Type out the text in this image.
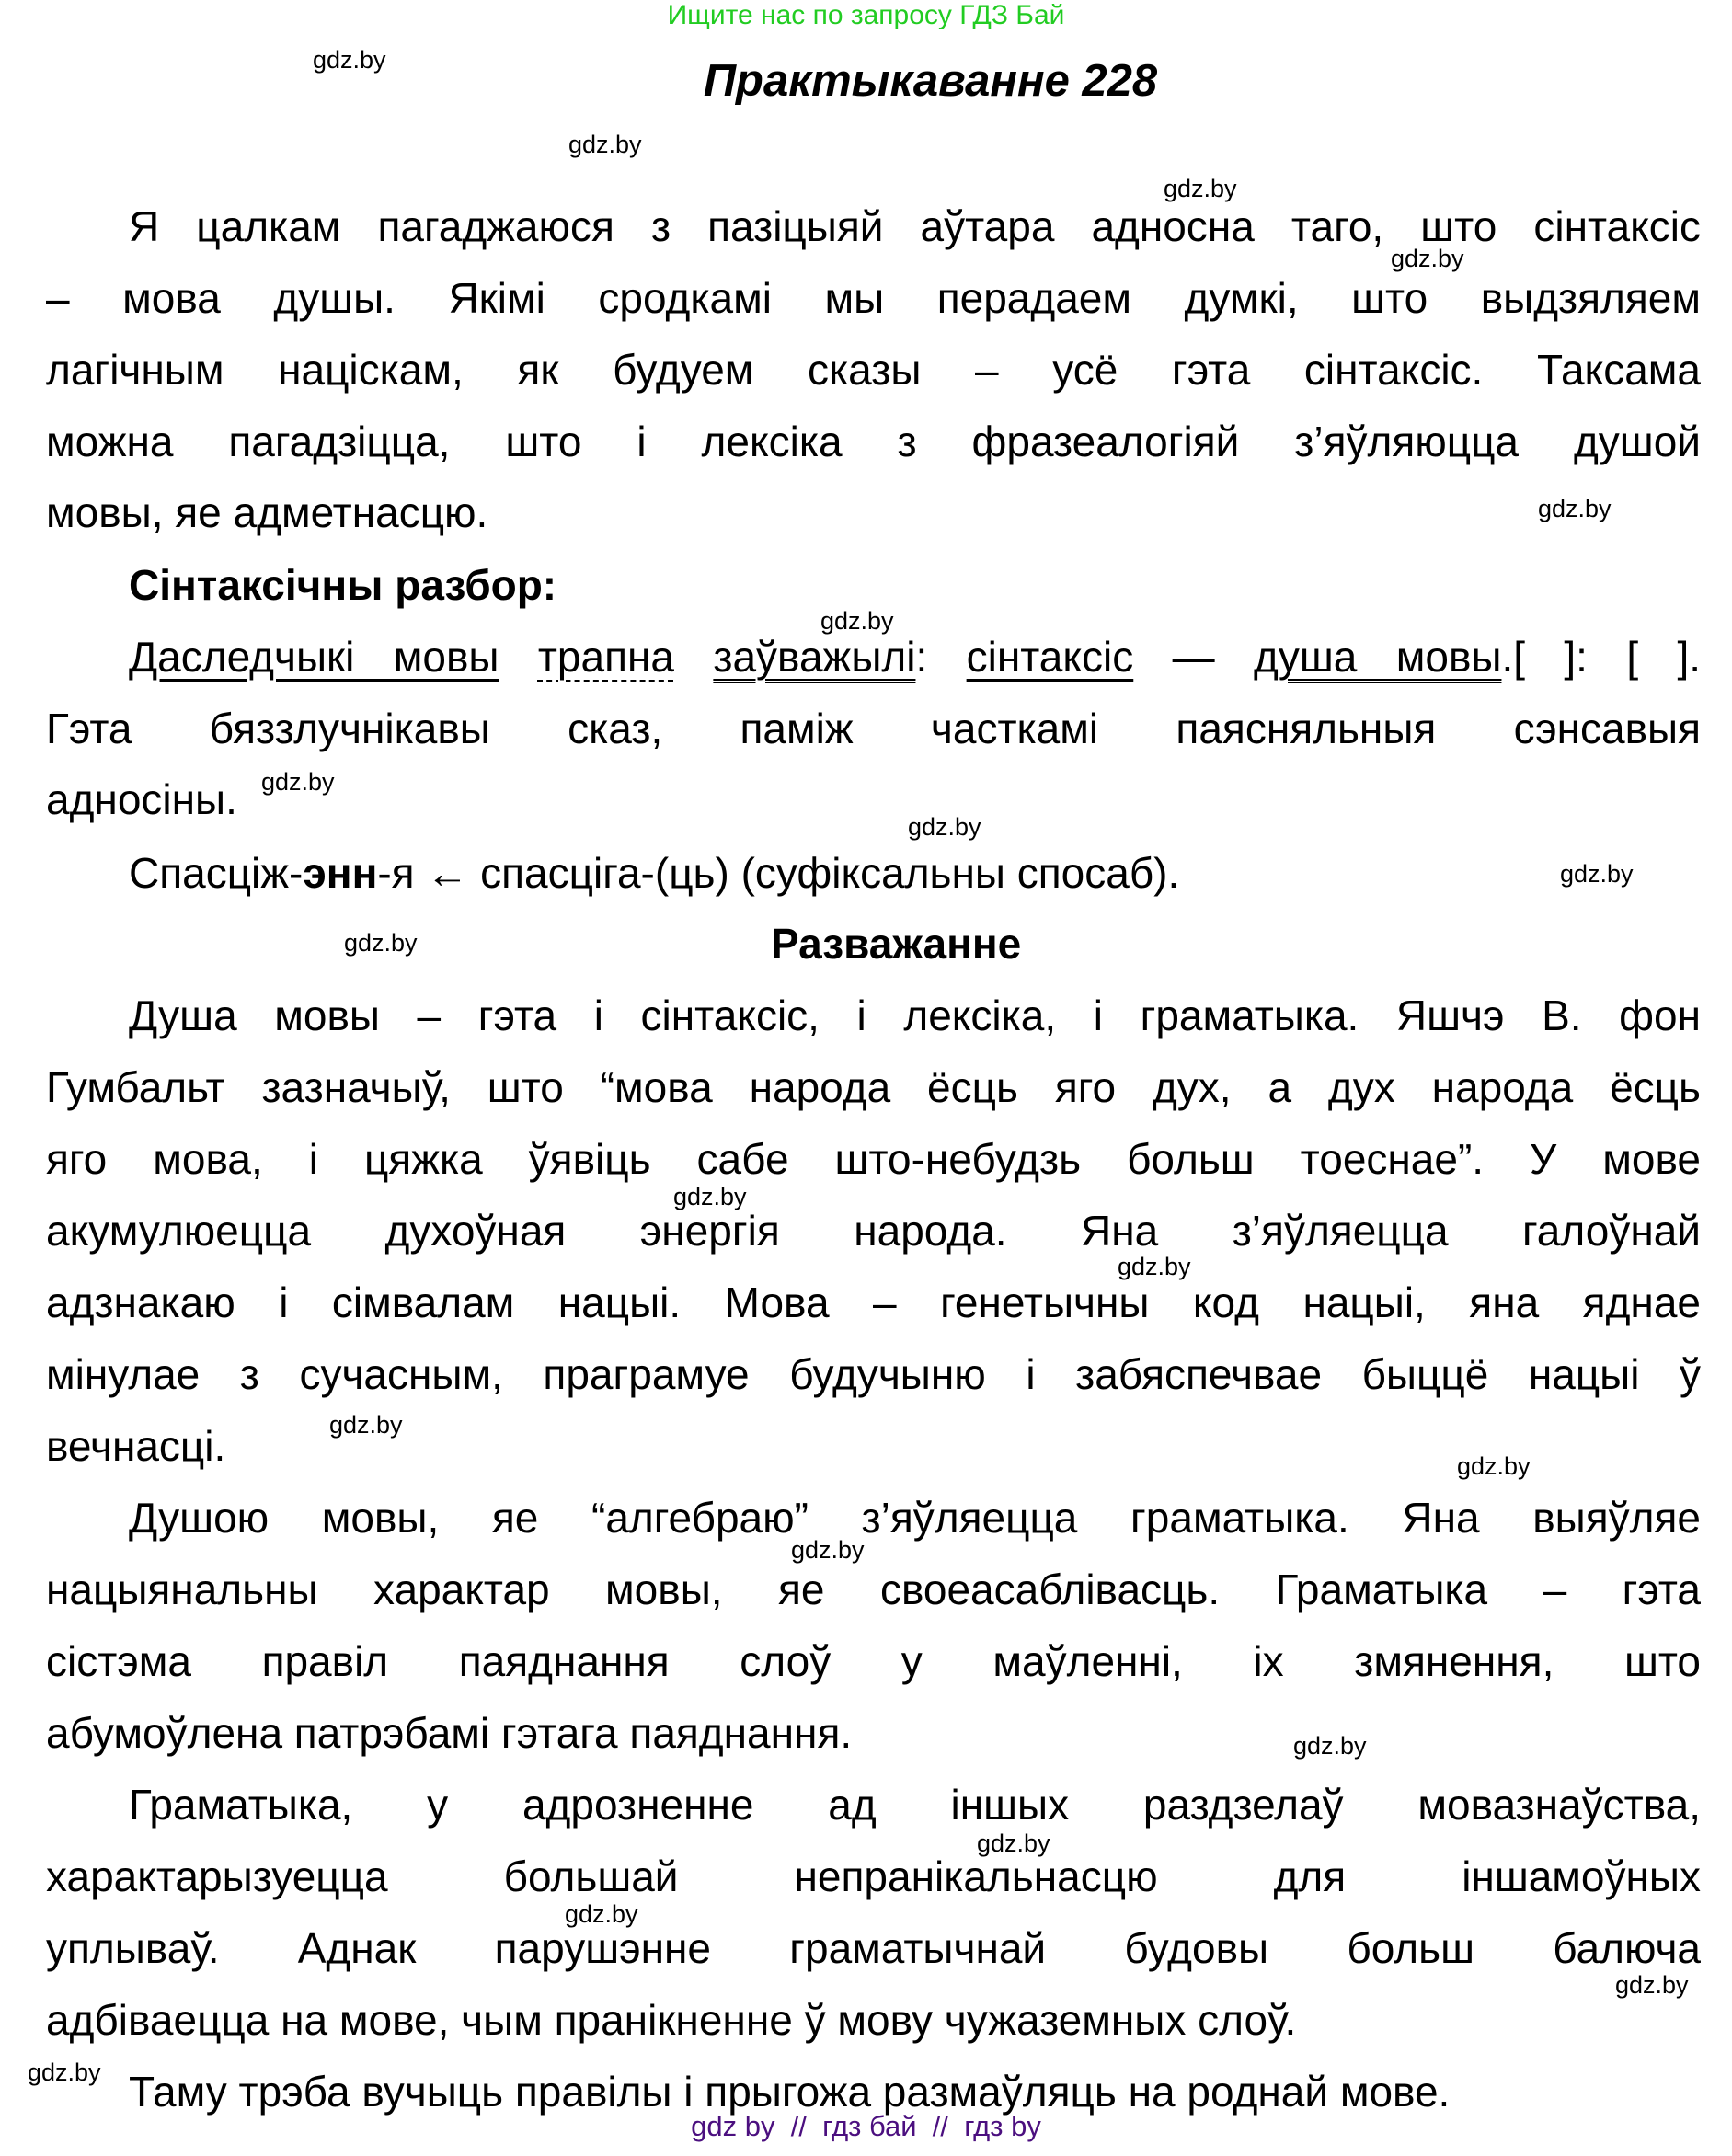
Ищите нас по запросу ГДЗ Бай
Практыкаванне 228
gdz.by
gdz.by
gdz.by
gdz.by
gdz.by
gdz.by
gdz.by
gdz.by
gdz.by
gdz.by
gdz.by
gdz.by
gdz.by
gdz.by
gdz.by
gdz.by
gdz.by
gdz.by
gdz.by
gdz.by
Я цалкам пагаджаюся з пазіцыяй аўтара адносна таго, што сінтаксіс
– мова душы. Якімі сродкамі мы перадаем думкі, што выдзяляем
лагічным націскам, як будуем сказы – усё гэта сінтаксіс. Таксама
можна пагадзіцца, што і лексіка з фразеалогіяй з’яўляюцца душой
мовы, яе адметнасцю.
Сінтаксічны разбор:
Даследчыкі мовы трапна заўважылі: сінтаксіс — душа мовы.[ ]: [ ].
Гэта бяззлучнікавы сказ, паміж часткамі паясняльныя сэнсавыя
адносіны.
Спасціж-энн-я ← спасціга-(ць) (суфіксальны спосаб).
Разважанне
Душа мовы – гэта і сінтаксіс, і лексіка, і граматыка. Яшчэ В. фон
Гумбальт зазначыў, што “мова народа ёсць яго дух, а дух народа ёсць
яго мова, і цяжка ўявіць сабе што-небудзь больш тоеснае”. У мове
акумулюецца духоўная энергія народа. Яна з’яўляецца галоўнай
адзнакаю і сімвалам нацыі. Мова – генетычны код нацыі, яна яднае
мінулае з сучасным, праграмуе будучыню і забяспечвае быццё нацыі ў
вечнасці.
Душою мовы, яе “алгебраю” з’яўляецца граматыка. Яна выяўляе
нацыянальны характар мовы, яе своеасаблівасць. Граматыка – гэта
сістэма правіл паяднання слоў у маўленні, іх змянення, што
абумоўлена патрэбамі гэтага паяднання.
Граматыка, у адрозненне ад іншых раздзелаў мовазнаўства,
характарызуецца большай непранікальнасцю для іншамоўных
уплываў. Аднак парушэнне граматычнай будовы больш балюча
адбіваецца на мове, чым пранікненне ў мову чужаземных слоў.
Таму трэба вучыць правілы і прыгожа размаўляць на роднай мове.
gdz by  //  гдз бай  //  гдз by
